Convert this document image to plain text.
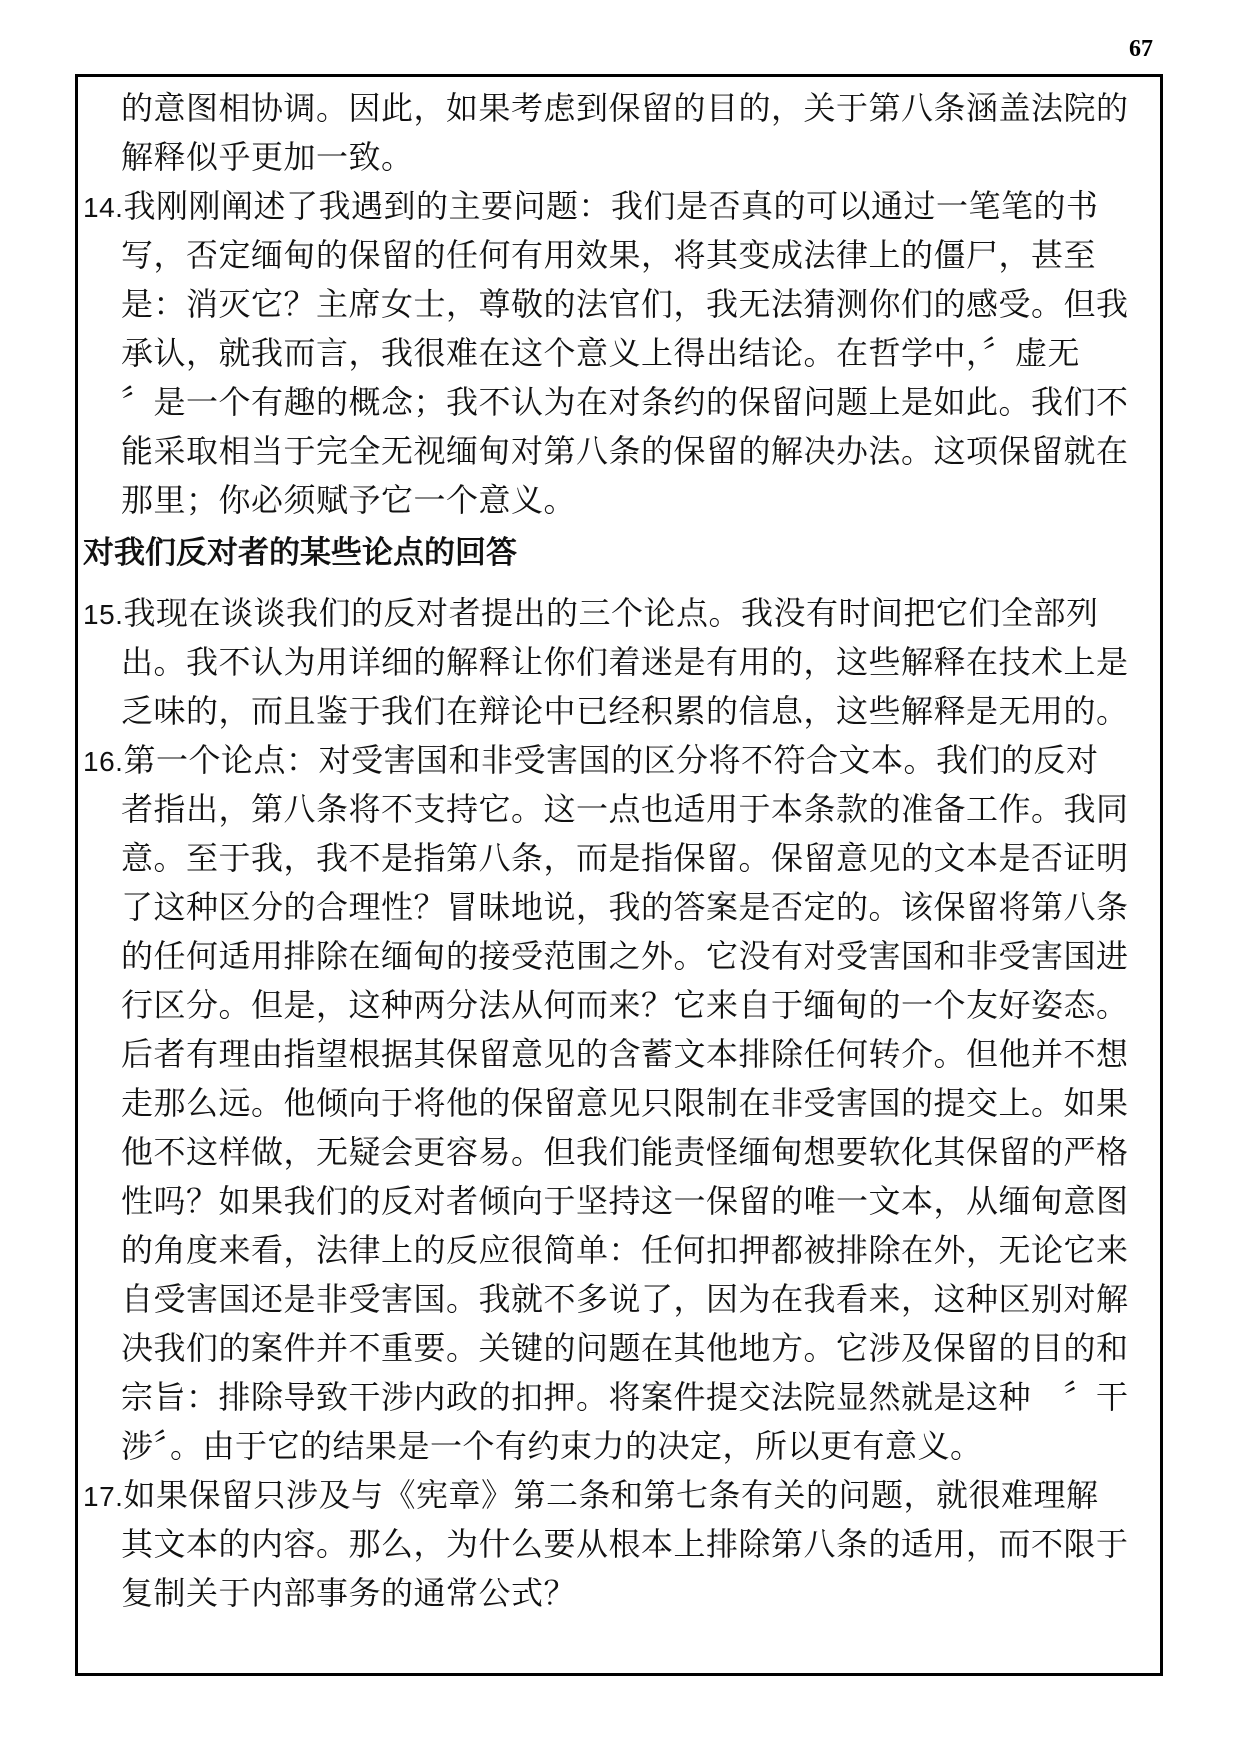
67
的意图相协调。因此，如果考虑到保留的目的，关于第八条涵盖法院的
解释似乎更加一致。
14.我刚刚阐述了我遇到的主要问题：我们是否真的可以通过一笔笔的书
写，否定缅甸的保留的任何有用效果，将其变成法律上的僵尸，甚至
是：消灭它？主席女士，尊敬的法官们，我无法猜测你们的感受。但我
承认，就我而言，我很难在这个意义上得出结论。在哲学中，〞虚无
〞是一个有趣的概念；我不认为在对条约的保留问题上是如此。我们不
能采取相当于完全无视缅甸对第八条的保留的解决办法。这项保留就在
那里；你必须赋予它一个意义。
对我们反对者的某些论点的回答
15.我现在谈谈我们的反对者提出的三个论点。我没有时间把它们全部列
出。我不认为用详细的解释让你们着迷是有用的，这些解释在技术上是
乏味的，而且鉴于我们在辩论中已经积累的信息，这些解释是无用的。
16.第一个论点：对受害国和非受害国的区分将不符合文本。我们的反对
者指出，第八条将不支持它。这一点也适用于本条款的准备工作。我同
意。至于我，我不是指第八条，而是指保留。保留意见的文本是否证明
了这种区分的合理性？冒昧地说，我的答案是否定的。该保留将第八条
的任何适用排除在缅甸的接受范围之外。它没有对受害国和非受害国进
行区分。但是，这种两分法从何而来？它来自于缅甸的一个友好姿态。
后者有理由指望根据其保留意见的含蓄文本排除任何转介。但他并不想
走那么远。他倾向于将他的保留意见只限制在非受害国的提交上。如果
他不这样做，无疑会更容易。但我们能责怪缅甸想要软化其保留的严格
性吗？如果我们的反对者倾向于坚持这一保留的唯一文本，从缅甸意图
的角度来看，法律上的反应很简单：任何扣押都被排除在外，无论它来
自受害国还是非受害国。我就不多说了，因为在我看来，这种区别对解
决我们的案件并不重要。关键的问题在其他地方。它涉及保留的目的和
宗旨：排除导致干涉内政的扣押。将案件提交法院显然就是这种　〞干
涉〞。由于它的结果是一个有约束力的决定，所以更有意义。
17.如果保留只涉及与《宪章》第二条和第七条有关的问题，就很难理解
其文本的内容。那么，为什么要从根本上排除第八条的适用，而不限于
复制关于内部事务的通常公式？
